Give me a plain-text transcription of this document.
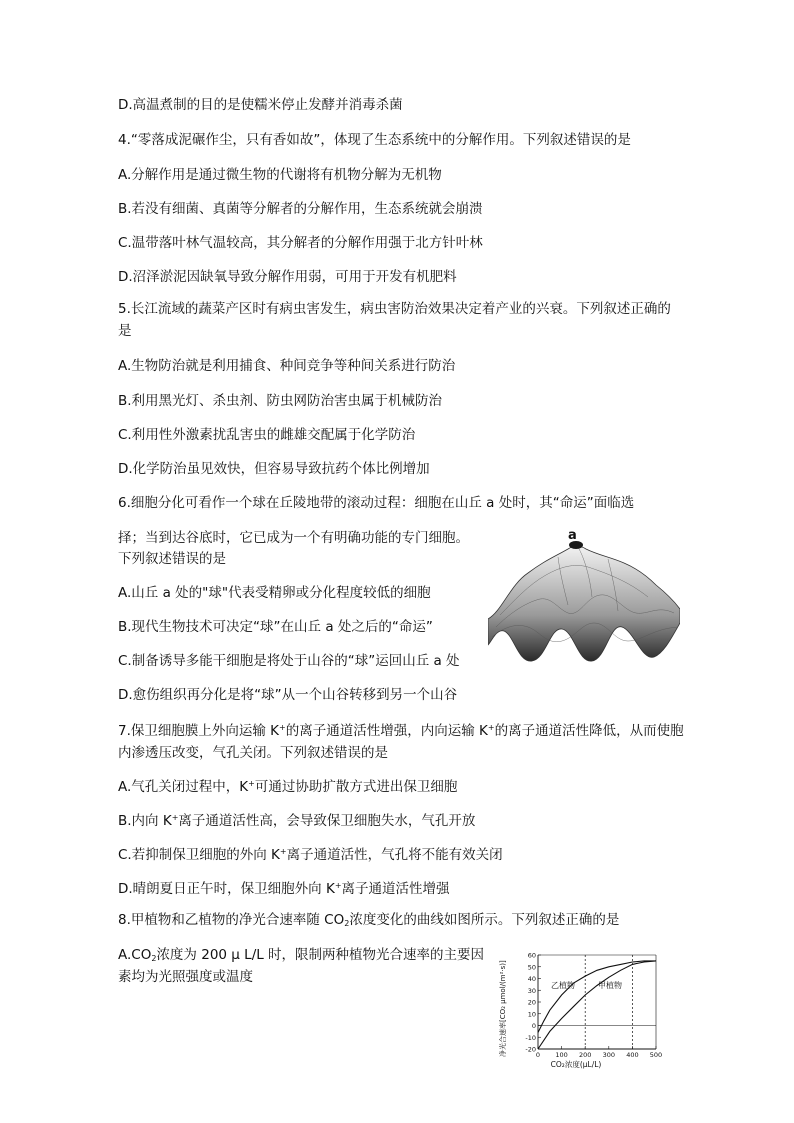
D.高温煮制的目的是使糯米停止发酵并消毒杀菌
4.“零落成泥碾作尘，只有香如故”，体现了生态系统中的分解作用。下列叙述错误的是
A.分解作用是通过微生物的代谢将有机物分解为无机物
B.若没有细菌、真菌等分解者的分解作用，生态系统就会崩溃
C.温带落叶林气温较高，其分解者的分解作用强于北方针叶林
D.沼泽淤泥因缺氧导致分解作用弱，可用于开发有机肥料
5.长江流域的蔬菜产区时有病虫害发生，病虫害防治效果决定着产业的兴衰。下列叙述正确的是
A.生物防治就是利用捕食、种间竞争等种间关系进行防治
B.利用黑光灯、杀虫剂、防虫网防治害虫属于机械防治
C.利用性外激素扰乱害虫的雌雄交配属于化学防治
D.化学防治虽见效快，但容易导致抗药个体比例增加
6.细胞分化可看作一个球在丘陵地带的滚动过程：细胞在山丘 a 处时，其“命运”面临选
择；当到达谷底时，它已成为一个有明确功能的专门细胞。
下列叙述错误的是
A.山丘 a 处的"球"代表受精卵或分化程度较低的细胞
B.现代生物技术可决定“球”在山丘 a 处之后的“命运”
C.制备诱导多能干细胞是将处于山谷的“球”运回山丘 a 处
D.愈伤组织再分化是将“球”从一个山谷转移到另一个山谷
a
7.保卫细胞膜上外向运输 K+的离子通道活性增强，内向运输 K+的离子通道活性降低，从而使胞内渗透压改变，气孔关闭。下列叙述错误的是
A.气孔关闭过程中，K+可通过协助扩散方式进出保卫细胞
B.内向 K+离子通道活性高，会导致保卫细胞失水，气孔开放
C.若抑制保卫细胞的外向 K+离子通道活性，气孔将不能有效关闭
D.晴朗夏日正午时，保卫细胞外向 K+离子通道活性增强
8.甲植物和乙植物的净光合速率随 $CO_2$浓度变化的曲线如图所示。下列叙述正确的是
$A.CO_2$浓度为 200 μ L/L 时，限制两种植物光合速率的主要因
素均为光照强度或温度
-20
-10
0
10
20
30
40
50
60
0 100 200 300 400 500
净光合速率[CO₂ μmol/(m²·s)]
CO₂浓度(μL/L)
乙植物	甲植物
